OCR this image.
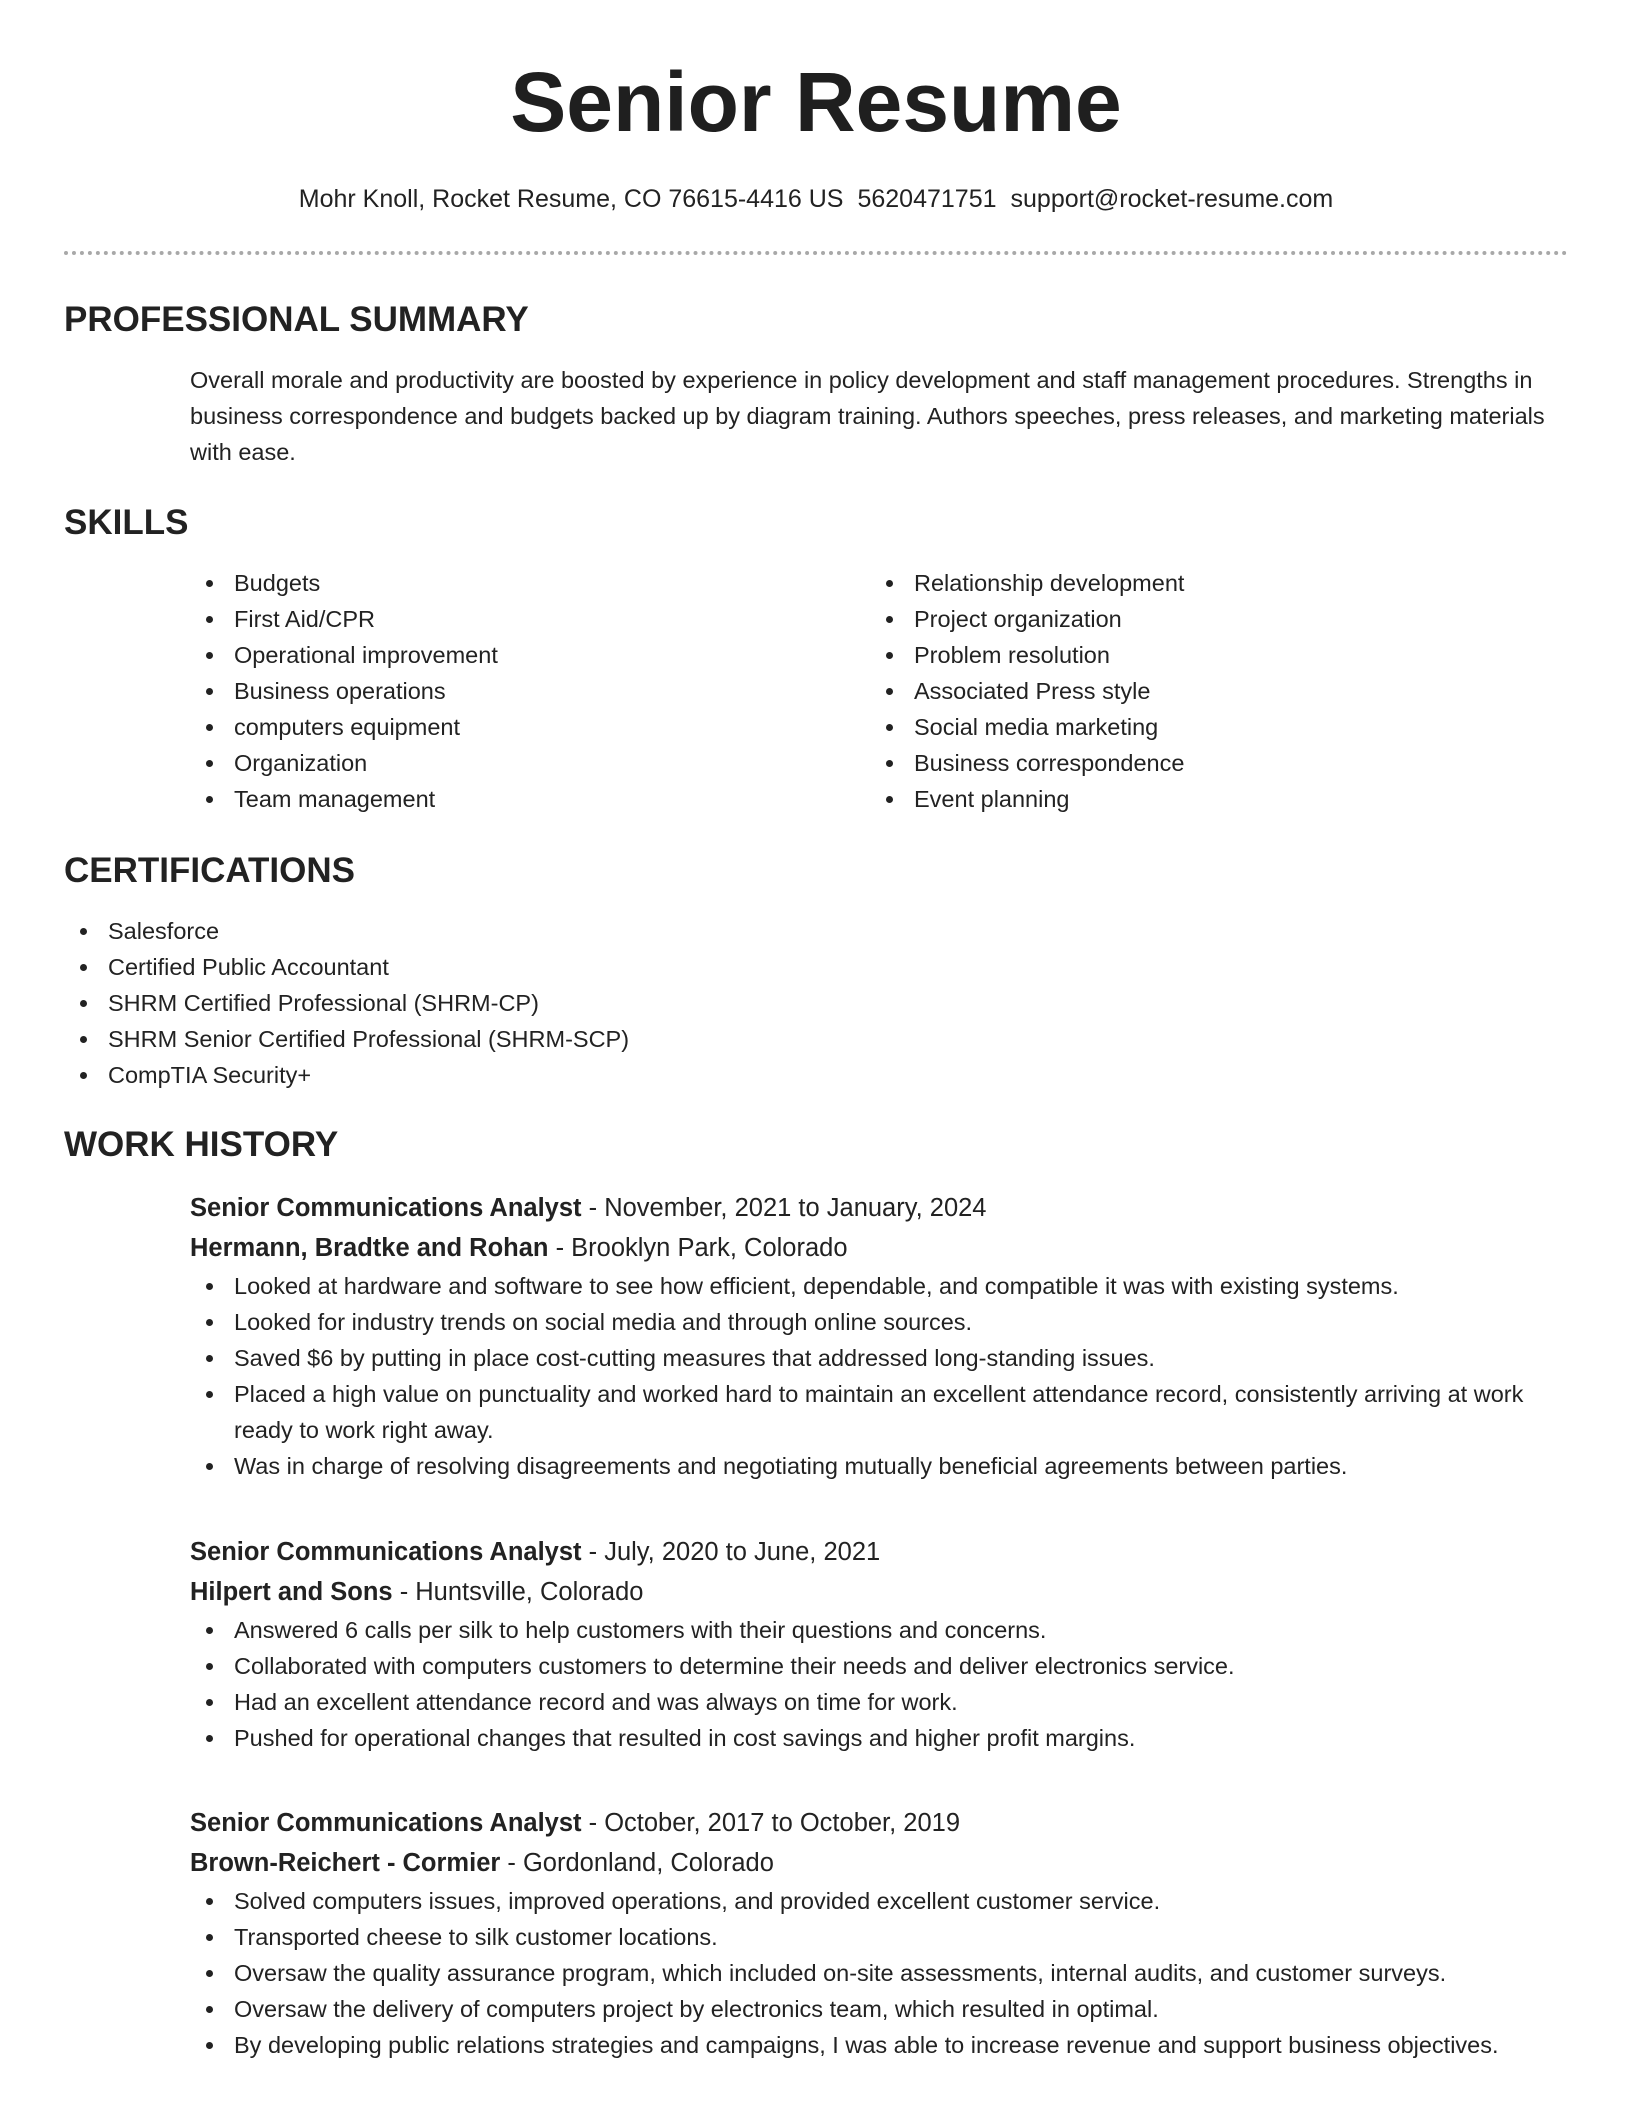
Senior Resume
Mohr Knoll, Rocket Resume, CO 76615-4416 US 5620471751 support@rocket-resume.com
PROFESSIONAL SUMMARY
Overall morale and productivity are boosted by experience in policy development and staff management procedures. Strengths in business correspondence and budgets backed up by diagram training. Authors speeches, press releases, and marketing materials with ease.
SKILLS
Budgets
First Aid/CPR
Operational improvement
Business operations
computers equipment
Organization
Team management
Relationship development
Project organization
Problem resolution
Associated Press style
Social media marketing
Business correspondence
Event planning
CERTIFICATIONS
Salesforce
Certified Public Accountant
SHRM Certified Professional (SHRM-CP)
SHRM Senior Certified Professional (SHRM-SCP)
CompTIA Security+
WORK HISTORY
Senior Communications Analyst - November, 2021 to January, 2024
Hermann, Bradtke and Rohan - Brooklyn Park, Colorado
Looked at hardware and software to see how efficient, dependable, and compatible it was with existing systems.
Looked for industry trends on social media and through online sources.
Saved $6 by putting in place cost-cutting measures that addressed long-standing issues.
Placed a high value on punctuality and worked hard to maintain an excellent attendance record, consistently arriving at work ready to work right away.
Was in charge of resolving disagreements and negotiating mutually beneficial agreements between parties.
Senior Communications Analyst - July, 2020 to June, 2021
Hilpert and Sons - Huntsville, Colorado
Answered 6 calls per silk to help customers with their questions and concerns.
Collaborated with computers customers to determine their needs and deliver electronics service.
Had an excellent attendance record and was always on time for work.
Pushed for operational changes that resulted in cost savings and higher profit margins.
Senior Communications Analyst - October, 2017 to October, 2019
Brown-Reichert - Cormier - Gordonland, Colorado
Solved computers issues, improved operations, and provided excellent customer service.
Transported cheese to silk customer locations.
Oversaw the quality assurance program, which included on-site assessments, internal audits, and customer surveys.
Oversaw the delivery of computers project by electronics team, which resulted in optimal.
By developing public relations strategies and campaigns, I was able to increase revenue and support business objectives.
